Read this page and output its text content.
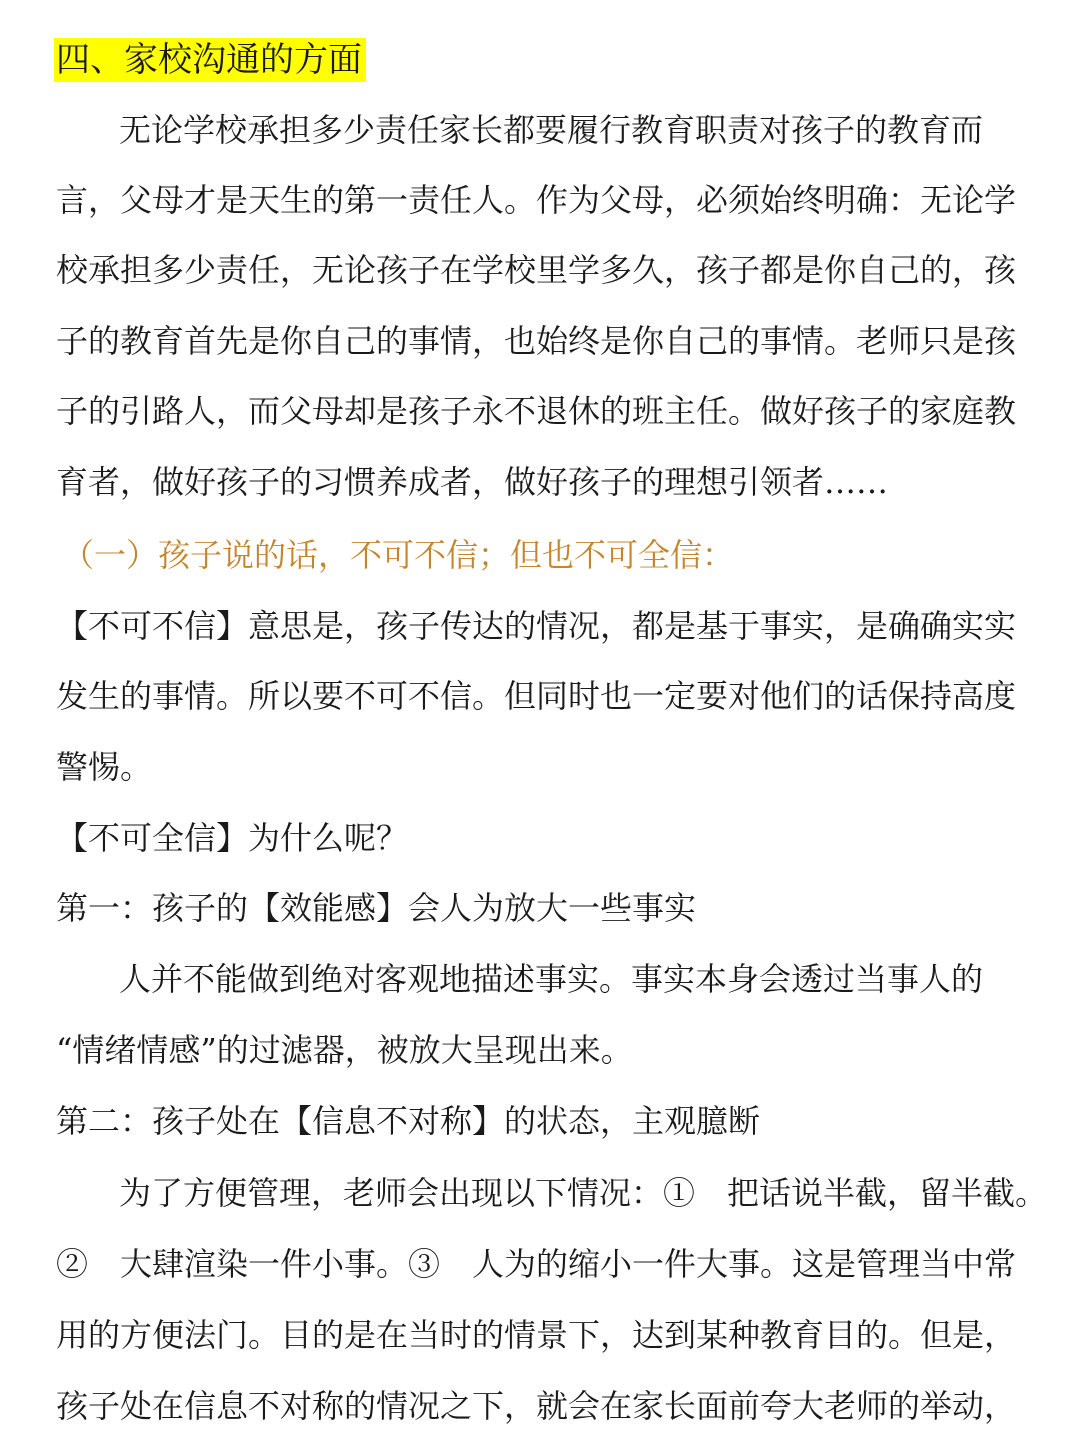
四、家校沟通的方面
无论学校承担多少责任家长都要履行教育职责对孩子的教育而
言，父母才是天生的第一责任人。作为父母，必须始终明确：无论学
校承担多少责任，无论孩子在学校里学多久，孩子都是你自己的，孩
子的教育首先是你自己的事情，也始终是你自己的事情。老师只是孩
子的引路人，而父母却是孩子永不退休的班主任。做好孩子的家庭教
育者，做好孩子的习惯养成者，做好孩子的理想引领者……
（一）孩子说的话，不可不信；但也不可全信：
【不可不信】意思是，孩子传达的情况，都是基于事实，是确确实实
发生的事情。所以要不可不信。但同时也一定要对他们的话保持高度
警惕。
【不可全信】为什么呢？
第一：孩子的【效能感】会人为放大一些事实
人并不能做到绝对客观地描述事实。事实本身会透过当事人的
“情绪情感”的过滤器，被放大呈现出来。
第二：孩子处在【信息不对称】的状态，主观臆断
为了方便管理，老师会出现以下情况：①　把话说半截，留半截。
②　大肆渲染一件小事。③　人为的缩小一件大事。这是管理当中常
用的方便法门。目的是在当时的情景下，达到某种教育目的。但是，
孩子处在信息不对称的情况之下，就会在家长面前夸大老师的举动，
